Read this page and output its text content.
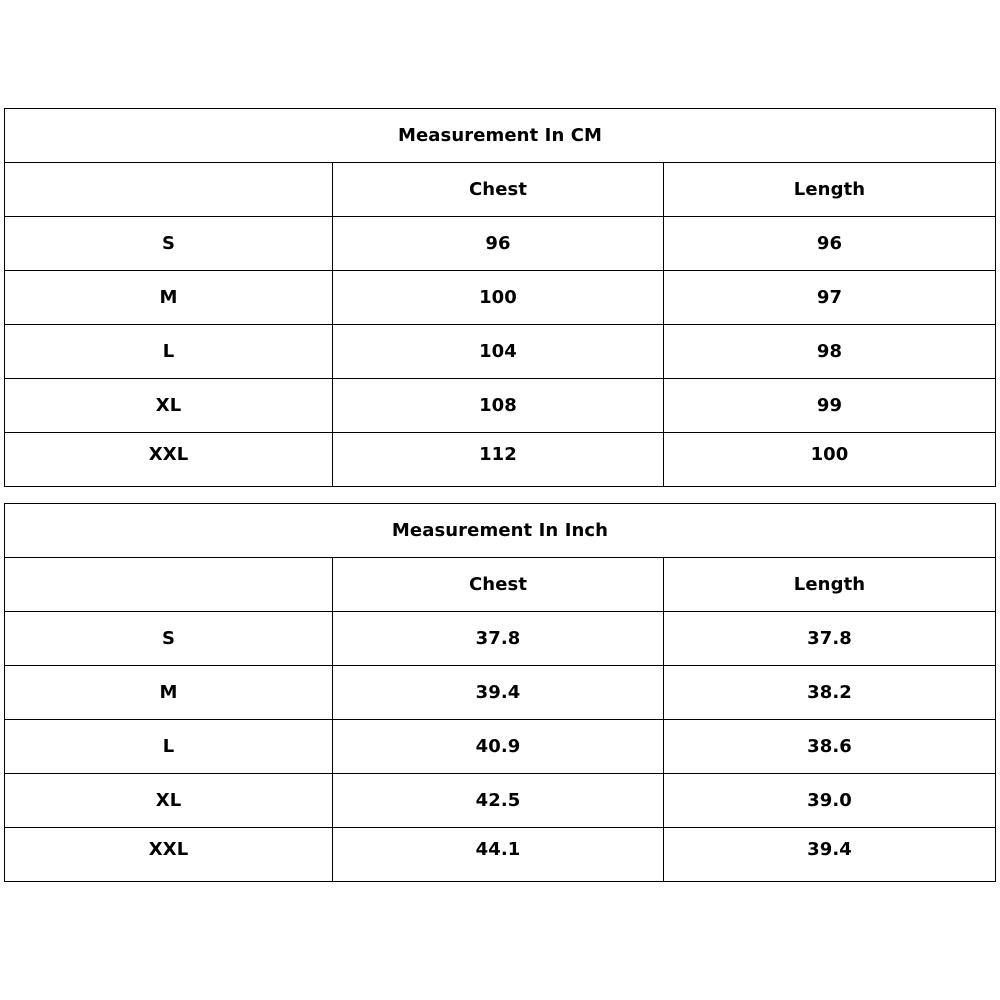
Measurement In CM		
	Chest	Length
S	96	96
M	100	97
L	104	98
XL	108	99
XXL	112	100
Measurement In Inch		
	Chest	Length
S	37.8	37.8
M	39.4	38.2
L	40.9	38.6
XL	42.5	39.0
XXL	44.1	39.4
